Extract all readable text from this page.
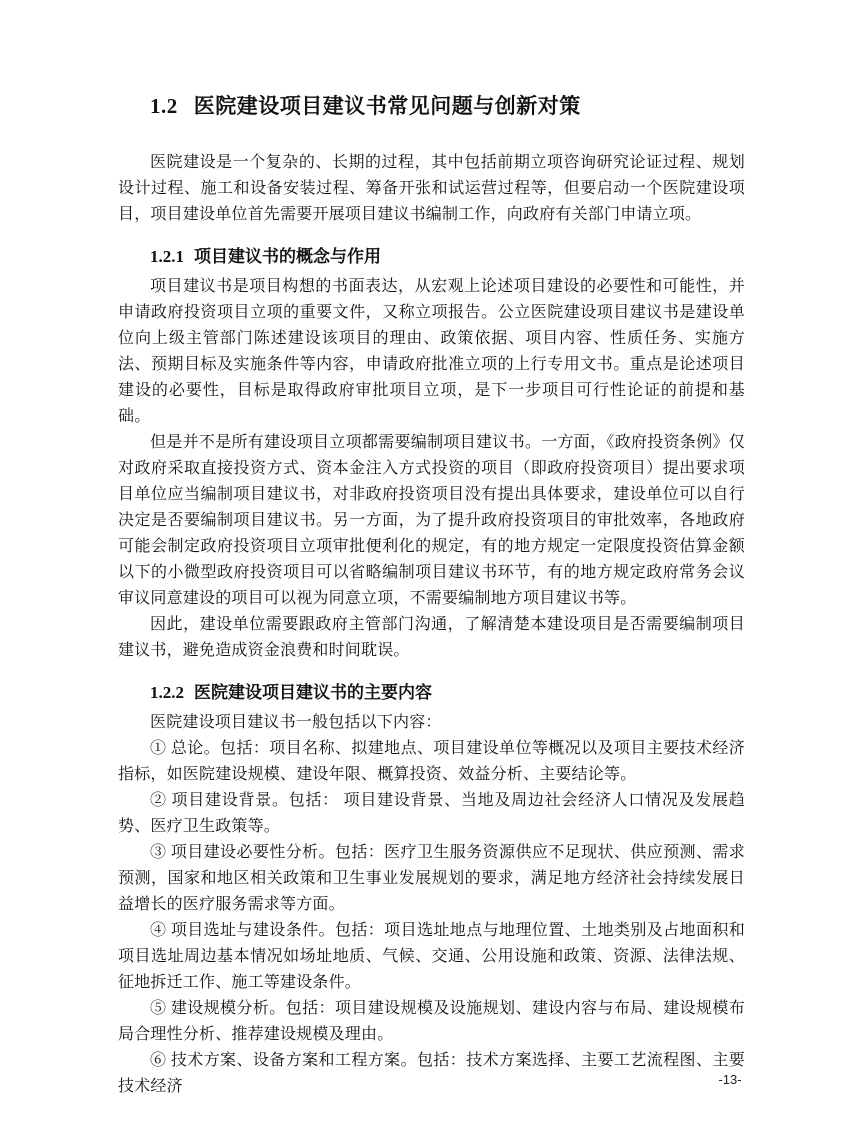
1.2 医院建设项目建议书常见问题与创新对策

医院建设是一个复杂的、长期的过程，其中包括前期立项咨询研究论证过程、规划设计过程、施工和设备安装过程、筹备开张和试运营过程等，但要启动一个医院建设项目，项目建设单位首先需要开展项目建议书编制工作，向政府有关部门申请立项。

1.2.1 项目建议书的概念与作用

项目建议书是项目构想的书面表达，从宏观上论述项目建设的必要性和可能性，并申请政府投资项目立项的重要文件，又称立项报告。公立医院建设项目建议书是建设单位向上级主管部门陈述建设该项目的理由、政策依据、项目内容、性质任务、实施方法、预期目标及实施条件等内容，申请政府批准立项的上行专用文书。重点是论述项目建设的必要性，目标是取得政府审批项目立项，是下一步项目可行性论证的前提和基础。

但是并不是所有建设项目立项都需要编制项目建议书。一方面，《政府投资条例》仅对政府采取直接投资方式、资本金注入方式投资的项目（即政府投资项目）提出要求项目单位应当编制项目建议书，对非政府投资项目没有提出具体要求，建设单位可以自行决定是否要编制项目建议书。另一方面，为了提升政府投资项目的审批效率，各地政府可能会制定政府投资项目立项审批便利化的规定，有的地方规定一定限度投资估算金额以下的小微型政府投资项目可以省略编制项目建议书环节，有的地方规定政府常务会议审议同意建设的项目可以视为同意立项，不需要编制地方项目建议书等。

因此，建设单位需要跟政府主管部门沟通，了解清楚本建设项目是否需要编制项目建议书，避免造成资金浪费和时间耽误。

1.2.2 医院建设项目建议书的主要内容

医院建设项目建议书一般包括以下内容：

① 总论。包括：项目名称、拟建地点、项目建设单位等概况以及项目主要技术经济指标，如医院建设规模、建设年限、概算投资、效益分析、主要结论等。

② 项目建设背景。包括： 项目建设背景、当地及周边社会经济人口情况及发展趋势、医疗卫生政策等。

③ 项目建设必要性分析。包括：医疗卫生服务资源供应不足现状、供应预测、需求预测，国家和地区相关政策和卫生事业发展规划的要求，满足地方经济社会持续发展日益增长的医疗服务需求等方面。

④ 项目选址与建设条件。包括：项目选址地点与地理位置、土地类别及占地面积和项目选址周边基本情况如场址地质、气候、交通、公用设施和政策、资源、法律法规、征地拆迁工作、施工等建设条件。

⑤ 建设规模分析。包括：项目建设规模及设施规划、建设内容与布局、建设规模布局合理性分析、推荐建设规模及理由。

⑥ 技术方案、设备方案和工程方案。包括：技术方案选择、主要工艺流程图、主要技术经济	-13-
